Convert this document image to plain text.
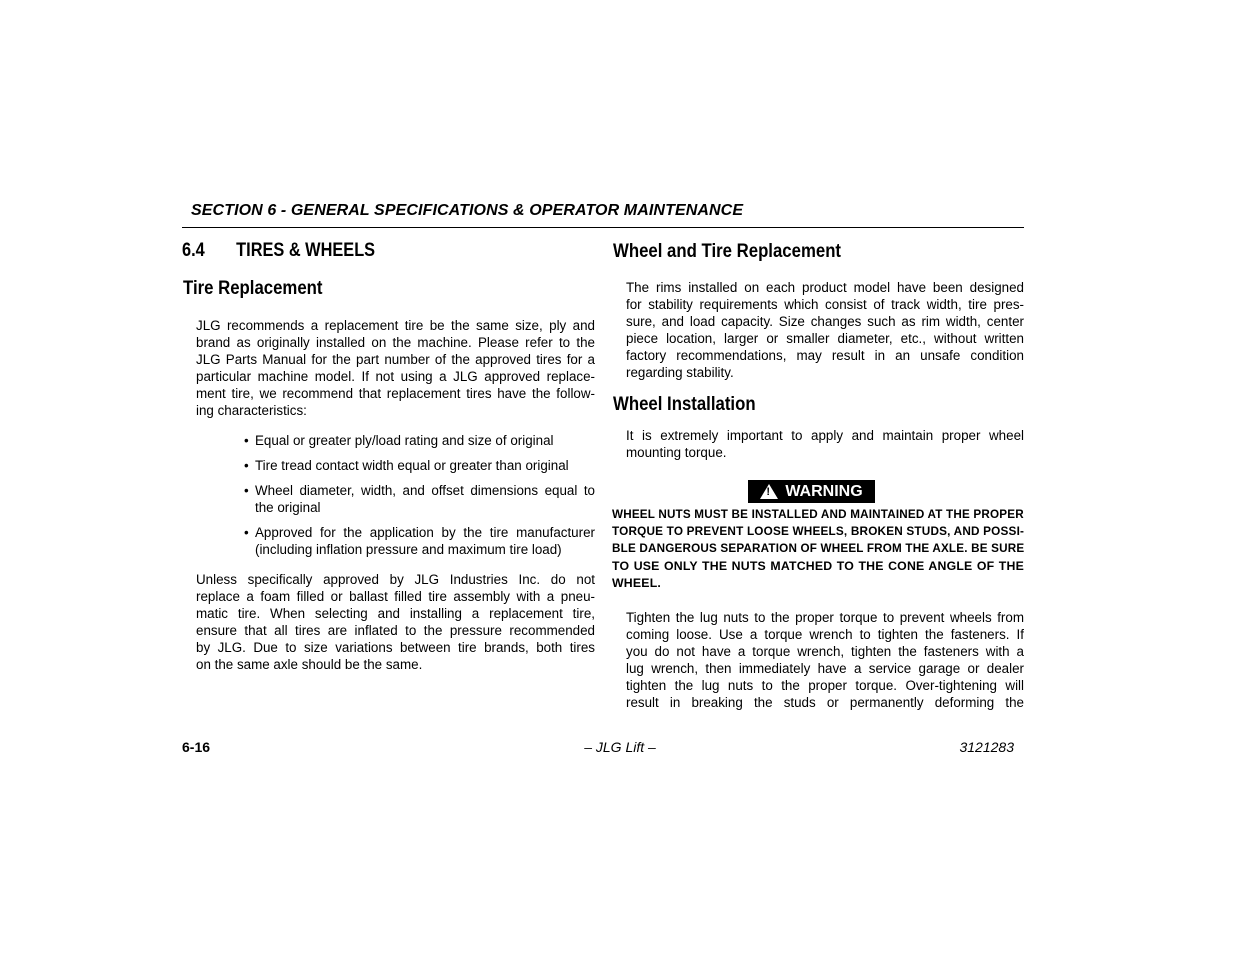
SECTION 6 - GENERAL SPECIFICATIONS & OPERATOR MAINTENANCE
6.4 TIRES & WHEELS
Tire Replacement
JLG recommends a replacement tire be the same size, ply and
brand as originally installed on the machine. Please refer to the
JLG Parts Manual for the part number of the approved tires for a
particular machine model. If not using a JLG approved replace-
ment tire, we recommend that replacement tires have the follow-
ing characteristics:
• Equal or greater ply/load rating and size of original
• Tire tread contact width equal or greater than original
• Wheel diameter, width, and offset dimensions equal to
the original
• Approved for the application by the tire manufacturer
(including inflation pressure and maximum tire load)
Unless specifically approved by JLG Industries Inc. do not
replace a foam filled or ballast filled tire assembly with a pneu-
matic tire. When selecting and installing a replacement tire,
ensure that all tires are inflated to the pressure recommended
by JLG. Due to size variations between tire brands, both tires
on the same axle should be the same.
Wheel and Tire Replacement
The rims installed on each product model have been designed
for stability requirements which consist of track width, tire pres-
sure, and load capacity. Size changes such as rim width, center
piece location, larger or smaller diameter, etc., without written
factory recommendations, may result in an unsafe condition
regarding stability.
Wheel Installation
It is extremely important to apply and maintain proper wheel
mounting torque.
! WARNING
WHEEL NUTS MUST BE INSTALLED AND MAINTAINED AT THE PROPER
TORQUE TO PREVENT LOOSE WHEELS, BROKEN STUDS, AND POSSI-
BLE DANGEROUS SEPARATION OF WHEEL FROM THE AXLE. BE SURE
TO USE ONLY THE NUTS MATCHED TO THE CONE ANGLE OF THE
WHEEL.
Tighten the lug nuts to the proper torque to prevent wheels from
coming loose. Use a torque wrench to tighten the fasteners. If
you do not have a torque wrench, tighten the fasteners with a
lug wrench, then immediately have a service garage or dealer
tighten the lug nuts to the proper torque. Over-tightening will
result in breaking the studs or permanently deforming the
6-16	– JLG Lift –	3121283
